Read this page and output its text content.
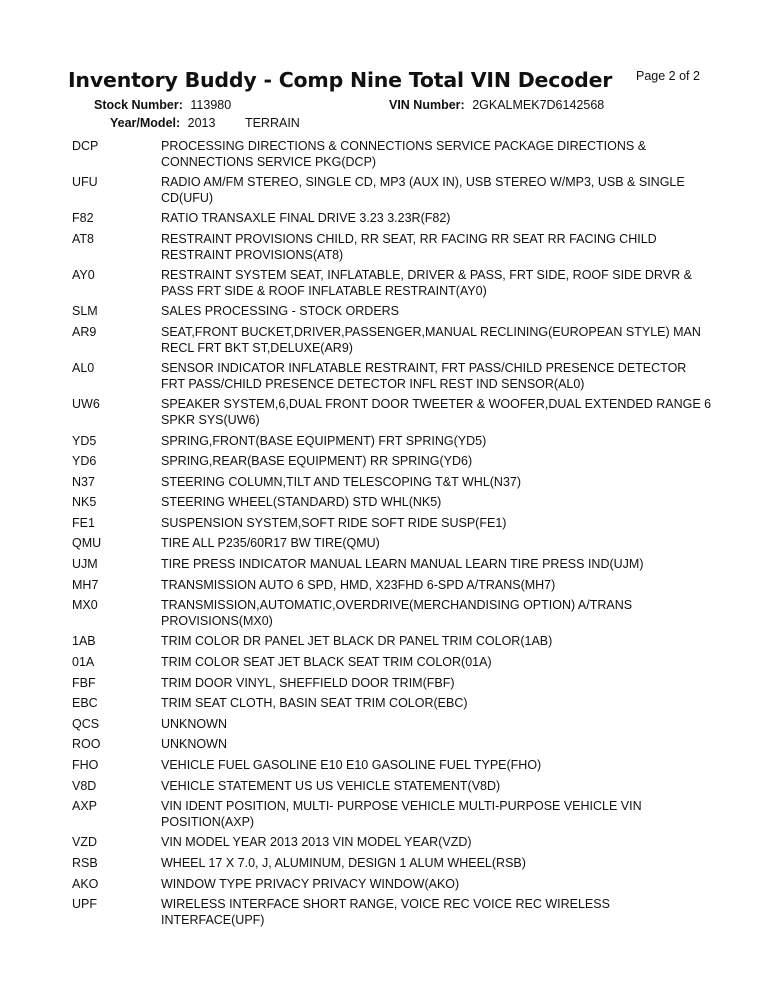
Inventory Buddy - Comp Nine Total VIN Decoder Page 2 of 2
Stock Number: 113980	VIN Number: 2GKALMEK7D6142568
Year/Model: 2013 TERRAIN
DCP	PROCESSING DIRECTIONS & CONNECTIONS SERVICE PACKAGE DIRECTIONS & CONNECTIONS SERVICE PKG(DCP)
UFU	RADIO AM/FM STEREO, SINGLE CD, MP3 (AUX IN), USB STEREO W/MP3, USB & SINGLE CD(UFU)
F82	RATIO TRANSAXLE FINAL DRIVE 3.23 3.23R(F82)
AT8	RESTRAINT PROVISIONS CHILD, RR SEAT, RR FACING RR SEAT RR FACING CHILD RESTRAINT PROVISIONS(AT8)
AY0	RESTRAINT SYSTEM SEAT, INFLATABLE, DRIVER & PASS, FRT SIDE, ROOF SIDE DRVR & PASS FRT SIDE & ROOF INFLATABLE RESTRAINT(AY0)
SLM	SALES PROCESSING - STOCK ORDERS
AR9	SEAT,FRONT BUCKET,DRIVER,PASSENGER,MANUAL RECLINING(EUROPEAN STYLE) MAN RECL FRT BKT ST,DELUXE(AR9)
AL0	SENSOR INDICATOR INFLATABLE RESTRAINT, FRT PASS/CHILD PRESENCE DETECTOR FRT PASS/CHILD PRESENCE DETECTOR INFL REST IND SENSOR(AL0)
UW6	SPEAKER SYSTEM,6,DUAL FRONT DOOR TWEETER & WOOFER,DUAL EXTENDED RANGE 6 SPKR SYS(UW6)
YD5	SPRING,FRONT(BASE EQUIPMENT) FRT SPRING(YD5)
YD6	SPRING,REAR(BASE EQUIPMENT) RR SPRING(YD6)
N37	STEERING COLUMN,TILT AND TELESCOPING T&T WHL(N37)
NK5	STEERING WHEEL(STANDARD) STD WHL(NK5)
FE1	SUSPENSION SYSTEM,SOFT RIDE SOFT RIDE SUSP(FE1)
QMU	TIRE ALL P235/60R17 BW TIRE(QMU)
UJM	TIRE PRESS INDICATOR MANUAL LEARN MANUAL LEARN TIRE PRESS IND(UJM)
MH7	TRANSMISSION AUTO 6 SPD, HMD, X23FHD 6-SPD A/TRANS(MH7)
MX0	TRANSMISSION,AUTOMATIC,OVERDRIVE(MERCHANDISING OPTION) A/TRANS PROVISIONS(MX0)
1AB	TRIM COLOR DR PANEL JET BLACK DR PANEL TRIM COLOR(1AB)
01A	TRIM COLOR SEAT JET BLACK SEAT TRIM COLOR(01A)
FBF	TRIM DOOR VINYL, SHEFFIELD DOOR TRIM(FBF)
EBC	TRIM SEAT CLOTH, BASIN SEAT TRIM COLOR(EBC)
QCS	UNKNOWN
ROO	UNKNOWN
FHO	VEHICLE FUEL GASOLINE E10 E10 GASOLINE FUEL TYPE(FHO)
V8D	VEHICLE STATEMENT US US VEHICLE STATEMENT(V8D)
AXP	VIN IDENT POSITION, MULTI- PURPOSE VEHICLE MULTI-PURPOSE VEHICLE VIN POSITION(AXP)
VZD	VIN MODEL YEAR 2013 2013 VIN MODEL YEAR(VZD)
RSB	WHEEL 17 X 7.0, J, ALUMINUM, DESIGN 1 ALUM WHEEL(RSB)
AKO	WINDOW TYPE PRIVACY PRIVACY WINDOW(AKO)
UPF	WIRELESS INTERFACE SHORT RANGE, VOICE REC VOICE REC WIRELESS INTERFACE(UPF)
